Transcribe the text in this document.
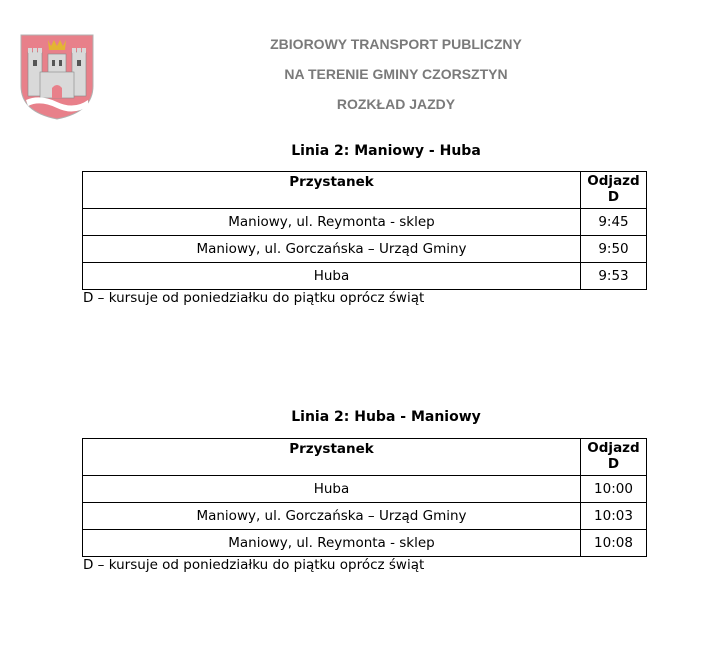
ZBIOROWY TRANSPORT PUBLICZNY
NA TERENIE GMINY CZORSZTYN
ROZKŁAD JAZDY
Linia 2: Maniowy - Huba
Przystanek	Odjazd
D
Maniowy, ul. Reymonta - sklep	9:45
Maniowy, ul. Gorczańska – Urząd Gminy	9:50
Huba	9:53
D – kursuje od poniedziałku do piątku oprócz świąt
Linia 2: Huba - Maniowy
Przystanek	Odjazd
D
Huba	10:00
Maniowy, ul. Gorczańska – Urząd Gminy	10:03
Maniowy, ul. Reymonta - sklep	10:08
D – kursuje od poniedziałku do piątku oprócz świąt
